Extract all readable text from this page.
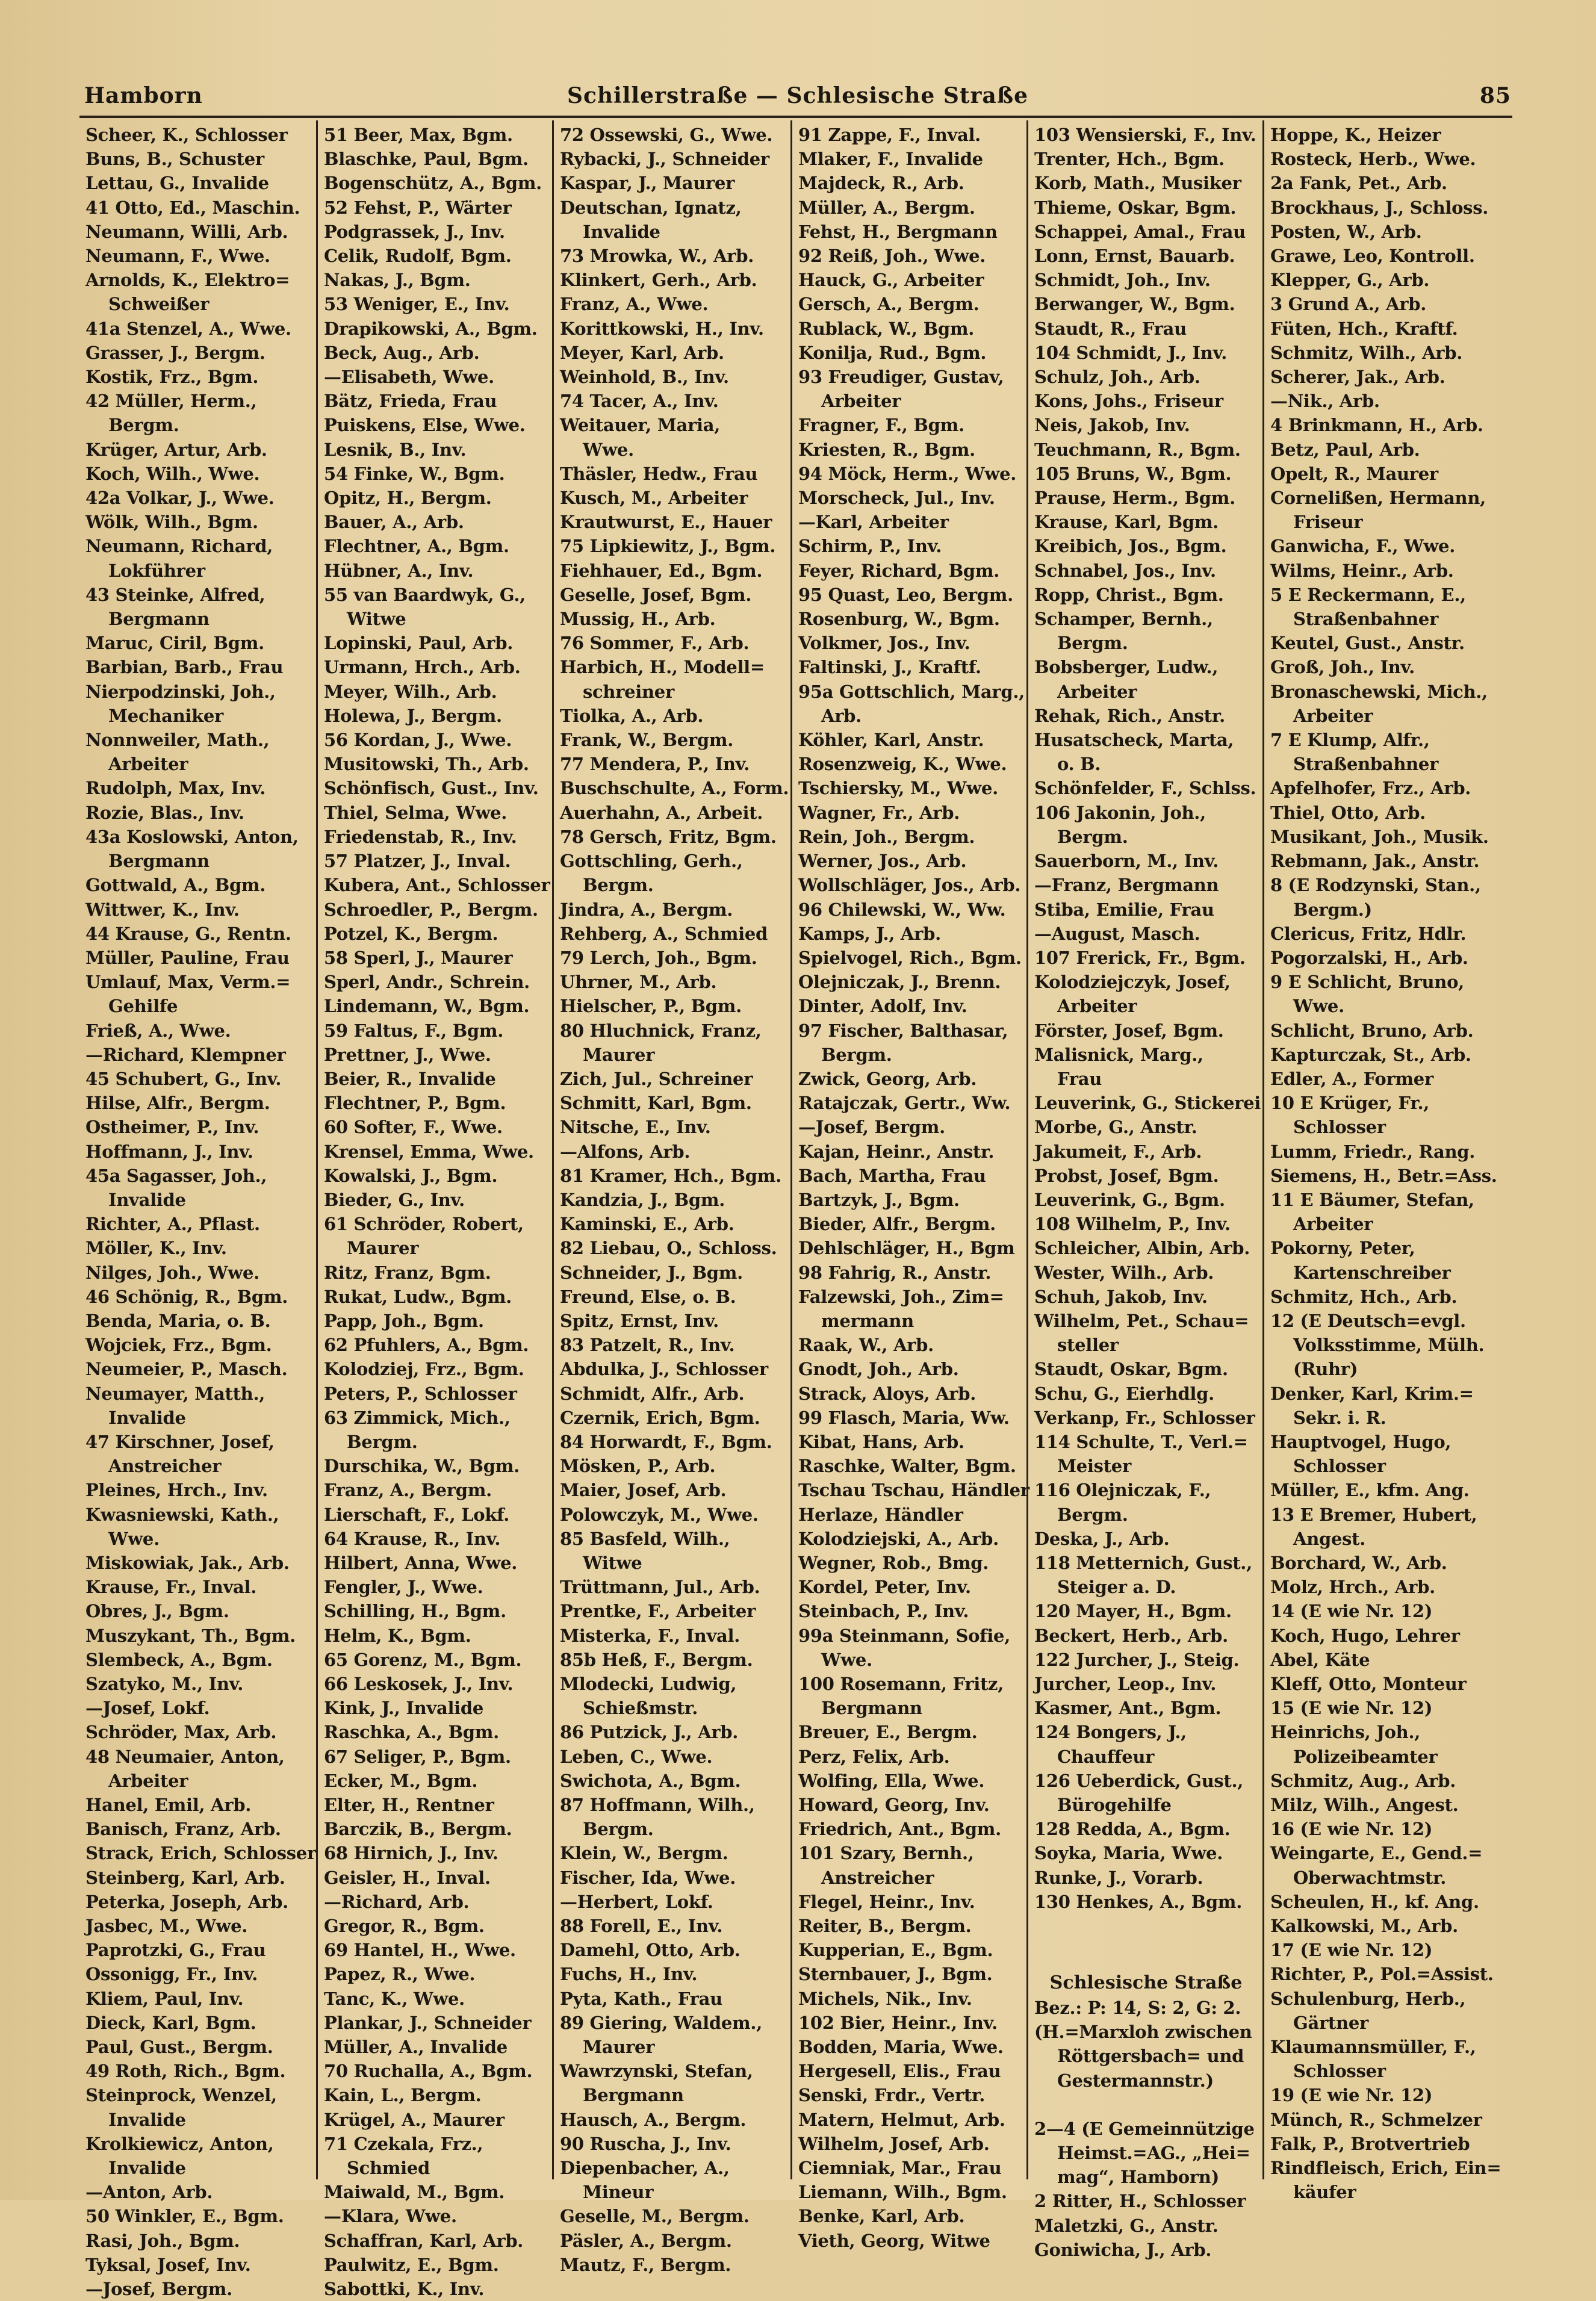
Hamborn	Schillerstraße — Schlesische Straße	85
Scheer, K., Schlosser
Buns, B., Schuster
Lettau, G., Invalide
41 Otto, Ed., Maschin.
Neumann, Willi, Arb.
Neumann, F., Wwe.
Arnolds, K., Elektro=
Schweißer
41a Stenzel, A., Wwe.
Grasser, J., Bergm.
Kostik, Frz., Bgm.
42 Müller, Herm.,
Bergm.
Krüger, Artur, Arb.
Koch, Wilh., Wwe.
42a Volkar, J., Wwe.
Wölk, Wilh., Bgm.
Neumann, Richard,
Lokführer
43 Steinke, Alfred,
Bergmann
Maruc, Ciril, Bgm.
Barbian, Barb., Frau
Nierpodzinski, Joh.,
Mechaniker
Nonnweiler, Math.,
Arbeiter
Rudolph, Max, Inv.
Rozie, Blas., Inv.
43a Koslowski, Anton,
Bergmann
Gottwald, A., Bgm.
Wittwer, K., Inv.
44 Krause, G., Rentn.
Müller, Pauline, Frau
Umlauf, Max, Verm.=
Gehilfe
Frieß, A., Wwe.
—Richard, Klempner
45 Schubert, G., Inv.
Hilse, Alfr., Bergm.
Ostheimer, P., Inv.
Hoffmann, J., Inv.
45a Sagasser, Joh.,
Invalide
Richter, A., Pflast.
Möller, K., Inv.
Nilges, Joh., Wwe.
46 Schönig, R., Bgm.
Benda, Maria, o. B.
Wojciek, Frz., Bgm.
Neumeier, P., Masch.
Neumayer, Matth.,
Invalide
47 Kirschner, Josef,
Anstreicher
Pleines, Hrch., Inv.
Kwasniewski, Kath.,
Wwe.
Miskowiak, Jak., Arb.
Krause, Fr., Inval.
Obres, J., Bgm.
Muszykant, Th., Bgm.
Slembeck, A., Bgm.
Szatyko, M., Inv.
—Josef, Lokf.
Schröder, Max, Arb.
48 Neumaier, Anton,
Arbeiter
Hanel, Emil, Arb.
Banisch, Franz, Arb.
Strack, Erich, Schlosser
Steinberg, Karl, Arb.
Peterka, Joseph, Arb.
Jasbec, M., Wwe.
Paprotzki, G., Frau
Ossonigg, Fr., Inv.
Kliem, Paul, Inv.
Dieck, Karl, Bgm.
Paul, Gust., Bergm.
49 Roth, Rich., Bgm.
Steinprock, Wenzel,
Invalide
Krolkiewicz, Anton,
Invalide
—Anton, Arb.
50 Winkler, E., Bgm.
Rasi, Joh., Bgm.
Tyksal, Josef, Inv.
—Josef, Bergm.
51 Beer, Max, Bgm.
Blaschke, Paul, Bgm.
Bogenschütz, A., Bgm.
52 Fehst, P., Wärter
Podgrassek, J., Inv.
Celik, Rudolf, Bgm.
Nakas, J., Bgm.
53 Weniger, E., Inv.
Drapikowski, A., Bgm.
Beck, Aug., Arb.
—Elisabeth, Wwe.
Bätz, Frieda, Frau
Puiskens, Else, Wwe.
Lesnik, B., Inv.
54 Finke, W., Bgm.
Opitz, H., Bergm.
Bauer, A., Arb.
Flechtner, A., Bgm.
Hübner, A., Inv.
55 van Baardwyk, G.,
Witwe
Lopinski, Paul, Arb.
Urmann, Hrch., Arb.
Meyer, Wilh., Arb.
Holewa, J., Bergm.
56 Kordan, J., Wwe.
Musitowski, Th., Arb.
Schönfisch, Gust., Inv.
Thiel, Selma, Wwe.
Friedenstab, R., Inv.
57 Platzer, J., Inval.
Kubera, Ant., Schlosser
Schroedler, P., Bergm.
Potzel, K., Bergm.
58 Sperl, J., Maurer
Sperl, Andr., Schrein.
Lindemann, W., Bgm.
59 Faltus, F., Bgm.
Prettner, J., Wwe.
Beier, R., Invalide
Flechtner, P., Bgm.
60 Softer, F., Wwe.
Krensel, Emma, Wwe.
Kowalski, J., Bgm.
Bieder, G., Inv.
61 Schröder, Robert,
Maurer
Ritz, Franz, Bgm.
Rukat, Ludw., Bgm.
Papp, Joh., Bgm.
62 Pfuhlers, A., Bgm.
Kolodziej, Frz., Bgm.
Peters, P., Schlosser
63 Zimmick, Mich.,
Bergm.
Durschika, W., Bgm.
Franz, A., Bergm.
Lierschaft, F., Lokf.
64 Krause, R., Inv.
Hilbert, Anna, Wwe.
Fengler, J., Wwe.
Schilling, H., Bgm.
Helm, K., Bgm.
65 Gorenz, M., Bgm.
66 Leskosek, J., Inv.
Kink, J., Invalide
Raschka, A., Bgm.
67 Seliger, P., Bgm.
Ecker, M., Bgm.
Elter, H., Rentner
Barczik, B., Bergm.
68 Hirnich, J., Inv.
Geisler, H., Inval.
—Richard, Arb.
Gregor, R., Bgm.
69 Hantel, H., Wwe.
Papez, R., Wwe.
Tanc, K., Wwe.
Plankar, J., Schneider
Müller, A., Invalide
70 Ruchalla, A., Bgm.
Kain, L., Bergm.
Krügel, A., Maurer
71 Czekala, Frz.,
Schmied
Maiwald, M., Bgm.
—Klara, Wwe.
Schaffran, Karl, Arb.
Paulwitz, E., Bgm.
Sabottki, K., Inv.
72 Ossewski, G., Wwe.
Rybacki, J., Schneider
Kaspar, J., Maurer
Deutschan, Ignatz,
Invalide
73 Mrowka, W., Arb.
Klinkert, Gerh., Arb.
Franz, A., Wwe.
Korittkowski, H., Inv.
Meyer, Karl, Arb.
Weinhold, B., Inv.
74 Tacer, A., Inv.
Weitauer, Maria,
Wwe.
Thäsler, Hedw., Frau
Kusch, M., Arbeiter
Krautwurst, E., Hauer
75 Lipkiewitz, J., Bgm.
Fiehhauer, Ed., Bgm.
Geselle, Josef, Bgm.
Mussig, H., Arb.
76 Sommer, F., Arb.
Harbich, H., Modell=
schreiner
Tiolka, A., Arb.
Frank, W., Bergm.
77 Mendera, P., Inv.
Buschschulte, A., Form.
Auerhahn, A., Arbeit.
78 Gersch, Fritz, Bgm.
Gottschling, Gerh.,
Bergm.
Jindra, A., Bergm.
Rehberg, A., Schmied
79 Lerch, Joh., Bgm.
Uhrner, M., Arb.
Hielscher, P., Bgm.
80 Hluchnick, Franz,
Maurer
Zich, Jul., Schreiner
Schmitt, Karl, Bgm.
Nitsche, E., Inv.
—Alfons, Arb.
81 Kramer, Hch., Bgm.
Kandzia, J., Bgm.
Kaminski, E., Arb.
82 Liebau, O., Schloss.
Schneider, J., Bgm.
Freund, Else, o. B.
Spitz, Ernst, Inv.
83 Patzelt, R., Inv.
Abdulka, J., Schlosser
Schmidt, Alfr., Arb.
Czernik, Erich, Bgm.
84 Horwardt, F., Bgm.
Mösken, P., Arb.
Maier, Josef, Arb.
Polowczyk, M., Wwe.
85 Basfeld, Wilh.,
Witwe
Trüttmann, Jul., Arb.
Prentke, F., Arbeiter
Misterka, F., Inval.
85b Heß, F., Bergm.
Mlodecki, Ludwig,
Schießmstr.
86 Putzick, J., Arb.
Leben, C., Wwe.
Swichota, A., Bgm.
87 Hoffmann, Wilh.,
Bergm.
Klein, W., Bergm.
Fischer, Ida, Wwe.
—Herbert, Lokf.
88 Forell, E., Inv.
Damehl, Otto, Arb.
Fuchs, H., Inv.
Pyta, Kath., Frau
89 Giering, Waldem.,
Maurer
Wawrzynski, Stefan,
Bergmann
Hausch, A., Bergm.
90 Ruscha, J., Inv.
Diepenbacher, A.,
Mineur
Geselle, M., Bergm.
Päsler, A., Bergm.
Mautz, F., Bergm.
91 Zappe, F., Inval.
Mlaker, F., Invalide
Majdeck, R., Arb.
Müller, A., Bergm.
Fehst, H., Bergmann
92 Reiß, Joh., Wwe.
Hauck, G., Arbeiter
Gersch, A., Bergm.
Rublack, W., Bgm.
Konilja, Rud., Bgm.
93 Freudiger, Gustav,
Arbeiter
Fragner, F., Bgm.
Kriesten, R., Bgm.
94 Möck, Herm., Wwe.
Morscheck, Jul., Inv.
—Karl, Arbeiter
Schirm, P., Inv.
Feyer, Richard, Bgm.
95 Quast, Leo, Bergm.
Rosenburg, W., Bgm.
Volkmer, Jos., Inv.
Faltinski, J., Kraftf.
95a Gottschlich, Marg.,
Arb.
Köhler, Karl, Anstr.
Rosenzweig, K., Wwe.
Tschiersky, M., Wwe.
Wagner, Fr., Arb.
Rein, Joh., Bergm.
Werner, Jos., Arb.
Wollschläger, Jos., Arb.
96 Chilewski, W., Ww.
Kamps, J., Arb.
Spielvogel, Rich., Bgm.
Olejniczak, J., Brenn.
Dinter, Adolf, Inv.
97 Fischer, Balthasar,
Bergm.
Zwick, Georg, Arb.
Ratajczak, Gertr., Ww.
—Josef, Bergm.
Kajan, Heinr., Anstr.
Bach, Martha, Frau
Bartzyk, J., Bgm.
Bieder, Alfr., Bergm.
Dehlschläger, H., Bgm
98 Fahrig, R., Anstr.
Falzewski, Joh., Zim=
mermann
Raak, W., Arb.
Gnodt, Joh., Arb.
Strack, Aloys, Arb.
99 Flasch, Maria, Ww.
Kibat, Hans, Arb.
Raschke, Walter, Bgm.
Tschau Tschau, Händler
Herlaze, Händler
Kolodziejski, A., Arb.
Wegner, Rob., Bmg.
Kordel, Peter, Inv.
Steinbach, P., Inv.
99a Steinmann, Sofie,
Wwe.
100 Rosemann, Fritz,
Bergmann
Breuer, E., Bergm.
Perz, Felix, Arb.
Wolfing, Ella, Wwe.
Howard, Georg, Inv.
Friedrich, Ant., Bgm.
101 Szary, Bernh.,
Anstreicher
Flegel, Heinr., Inv.
Reiter, B., Bergm.
Kupperian, E., Bgm.
Sternbauer, J., Bgm.
Michels, Nik., Inv.
102 Bier, Heinr., Inv.
Bodden, Maria, Wwe.
Hergesell, Elis., Frau
Senski, Frdr., Vertr.
Matern, Helmut, Arb.
Wilhelm, Josef, Arb.
Ciemniak, Mar., Frau
Liemann, Wilh., Bgm.
Benke, Karl, Arb.
Vieth, Georg, Witwe
103 Wensierski, F., Inv.
Trenter, Hch., Bgm.
Korb, Math., Musiker
Thieme, Oskar, Bgm.
Schappei, Amal., Frau
Lonn, Ernst, Bauarb.
Schmidt, Joh., Inv.
Berwanger, W., Bgm.
Staudt, R., Frau
104 Schmidt, J., Inv.
Schulz, Joh., Arb.
Kons, Johs., Friseur
Neis, Jakob, Inv.
Teuchmann, R., Bgm.
105 Bruns, W., Bgm.
Prause, Herm., Bgm.
Krause, Karl, Bgm.
Kreibich, Jos., Bgm.
Schnabel, Jos., Inv.
Ropp, Christ., Bgm.
Schamper, Bernh.,
Bergm.
Bobsberger, Ludw.,
Arbeiter
Rehak, Rich., Anstr.
Husatscheck, Marta,
o. B.
Schönfelder, F., Schlss.
106 Jakonin, Joh.,
Bergm.
Sauerborn, M., Inv.
—Franz, Bergmann
Stiba, Emilie, Frau
—August, Masch.
107 Frerick, Fr., Bgm.
Kolodziejczyk, Josef,
Arbeiter
Förster, Josef, Bgm.
Malisnick, Marg.,
Frau
Leuverink, G., Stickerei
Morbe, G., Anstr.
Jakumeit, F., Arb.
Probst, Josef, Bgm.
Leuverink, G., Bgm.
108 Wilhelm, P., Inv.
Schleicher, Albin, Arb.
Wester, Wilh., Arb.
Schuh, Jakob, Inv.
Wilhelm, Pet., Schau=
steller
Staudt, Oskar, Bgm.
Schu, G., Eierhdlg.
Verkanp, Fr., Schlosser
114 Schulte, T., Verl.=
Meister
116 Olejniczak, F.,
Bergm.
Deska, J., Arb.
118 Metternich, Gust.,
Steiger a. D.
120 Mayer, H., Bgm.
Beckert, Herb., Arb.
122 Jurcher, J., Steig.
Jurcher, Leop., Inv.
Kasmer, Ant., Bgm.
124 Bongers, J.,
Chauffeur
126 Ueberdick, Gust.,
Bürogehilfe
128 Redda, A., Bgm.
Soyka, Maria, Wwe.
Runke, J., Vorarb.
130 Henkes, A., Bgm.
Schlesische Straße
Bez.: P: 14, S: 2, G: 2.
(H.=Marxloh zwischen
Röttgersbach= und
Gestermannstr.)
2—4 (E Gemeinnützige
Heimst.=AG., „Hei=
mag“, Hamborn)
2 Ritter, H., Schlosser
Maletzki, G., Anstr.
Goniwicha, J., Arb.
Hoppe, K., Heizer
Rosteck, Herb., Wwe.
2a Fank, Pet., Arb.
Brockhaus, J., Schloss.
Posten, W., Arb.
Grawe, Leo, Kontroll.
Klepper, G., Arb.
3 Grund A., Arb.
Füten, Hch., Kraftf.
Schmitz, Wilh., Arb.
Scherer, Jak., Arb.
—Nik., Arb.
4 Brinkmann, H., Arb.
Betz, Paul, Arb.
Opelt, R., Maurer
Cornelißen, Hermann,
Friseur
Ganwicha, F., Wwe.
Wilms, Heinr., Arb.
5 E Reckermann, E.,
Straßenbahner
Keutel, Gust., Anstr.
Groß, Joh., Inv.
Bronaschewski, Mich.,
Arbeiter
7 E Klump, Alfr.,
Straßenbahner
Apfelhofer, Frz., Arb.
Thiel, Otto, Arb.
Musikant, Joh., Musik.
Rebmann, Jak., Anstr.
8 (E Rodzynski, Stan.,
Bergm.)
Clericus, Fritz, Hdlr.
Pogorzalski, H., Arb.
9 E Schlicht, Bruno,
Wwe.
Schlicht, Bruno, Arb.
Kapturczak, St., Arb.
Edler, A., Former
10 E Krüger, Fr.,
Schlosser
Lumm, Friedr., Rang.
Siemens, H., Betr.=Ass.
11 E Bäumer, Stefan,
Arbeiter
Pokorny, Peter,
Kartenschreiber
Schmitz, Hch., Arb.
12 (E Deutsch=evgl.
Volksstimme, Mülh.
(Ruhr)
Denker, Karl, Krim.=
Sekr. i. R.
Hauptvogel, Hugo,
Schlosser
Müller, E., kfm. Ang.
13 E Bremer, Hubert,
Angest.
Borchard, W., Arb.
Molz, Hrch., Arb.
14 (E wie Nr. 12)
Koch, Hugo, Lehrer
Abel, Käte
Kleff, Otto, Monteur
15 (E wie Nr. 12)
Heinrichs, Joh.,
Polizeibeamter
Schmitz, Aug., Arb.
Milz, Wilh., Angest.
16 (E wie Nr. 12)
Weingarte, E., Gend.=
Oberwachtmstr.
Scheulen, H., kf. Ang.
Kalkowski, M., Arb.
17 (E wie Nr. 12)
Richter, P., Pol.=Assist.
Schulenburg, Herb.,
Gärtner
Klaumannsmüller, F.,
Schlosser
19 (E wie Nr. 12)
Münch, R., Schmelzer
Falk, P., Brotvertrieb
Rindfleisch, Erich, Ein=
käufer
